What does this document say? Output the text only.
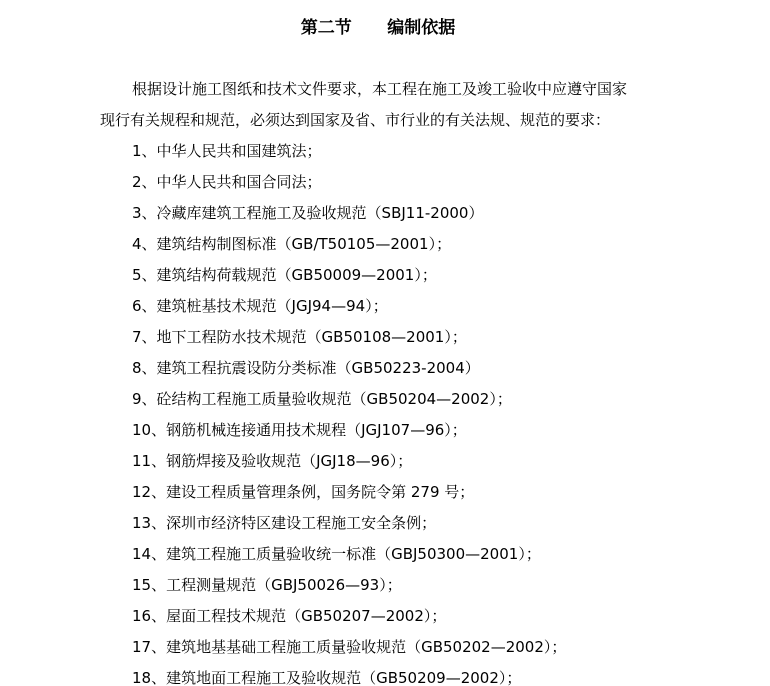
第二节      编制依据
根据设计施工图纸和技术文件要求，本工程在施工及竣工验收中应遵守国家
现行有关规程和规范，必须达到国家及省、市行业的有关法规、规范的要求：
1、中华人民共和国建筑法；
2、中华人民共和国合同法；
3、冷藏库建筑工程施工及验收规范（SBJ11-2000）
4、建筑结构制图标准（GB/T50105—2001）；
5、建筑结构荷载规范（GB50009—2001）；
6、建筑桩基技术规范（JGJ94—94）；
7、地下工程防水技术规范（GB50108—2001）；
8、建筑工程抗震设防分类标准（GB50223-2004）
9、砼结构工程施工质量验收规范（GB50204—2002）；
10、钢筋机械连接通用技术规程（JGJ107—96）；
11、钢筋焊接及验收规范（JGJ18—96）；
12、建设工程质量管理条例，国务院令第 279 号；
13、深圳市经济特区建设工程施工安全条例；
14、建筑工程施工质量验收统一标准（GBJ50300—2001）；
15、工程测量规范（GBJ50026—93）；
16、屋面工程技术规范（GB50207—2002）；
17、建筑地基基础工程施工质量验收规范（GB50202—2002）；
18、建筑地面工程施工及验收规范（GB50209—2002）；
